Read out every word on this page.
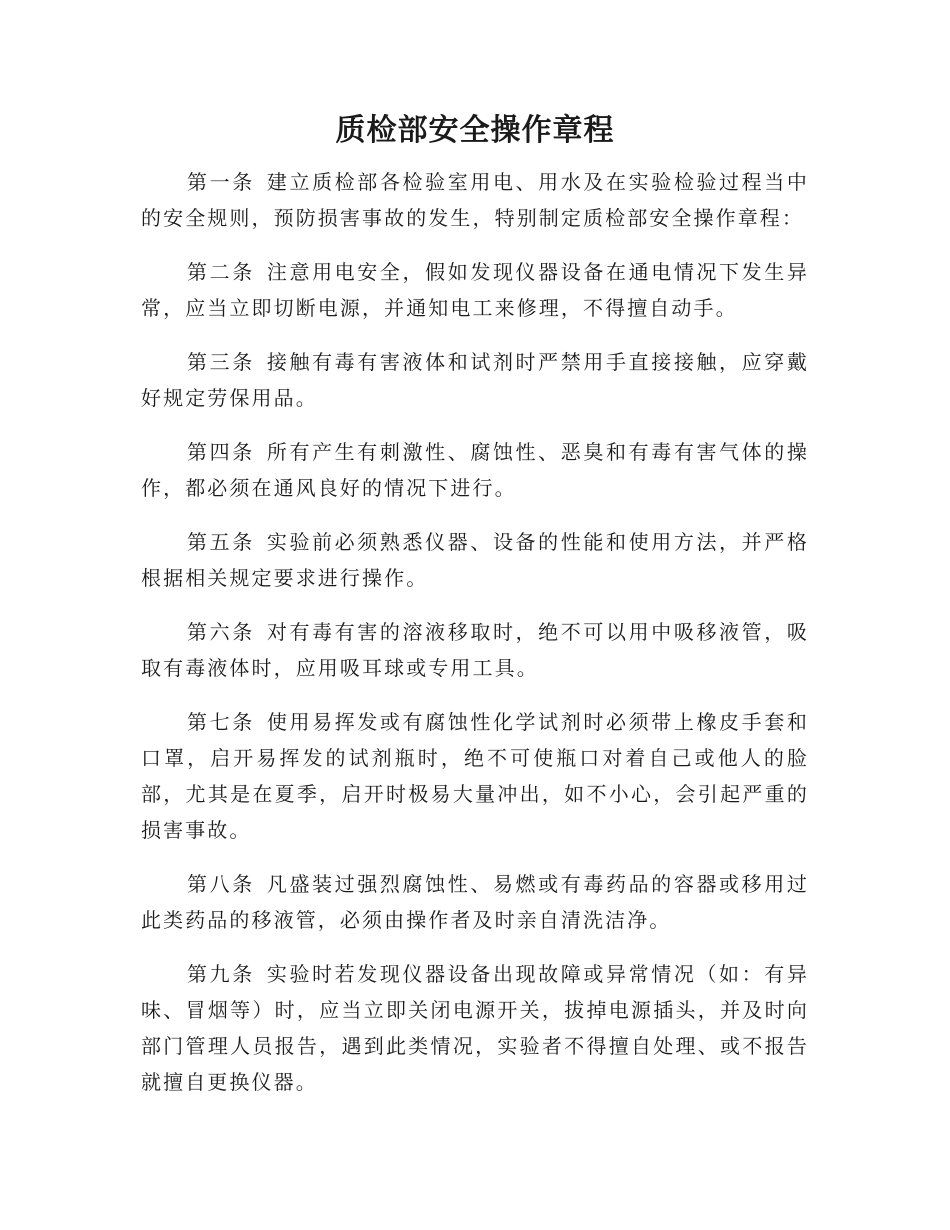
质检部安全操作章程

第一条 建立质检部各检验室用电、用水及在实验检验过程当中的安全规则，预防损害事故的发生，特别制定质检部安全操作章程：

第二条 注意用电安全，假如发现仪器设备在通电情况下发生异常，应当立即切断电源，并通知电工来修理，不得擅自动手。

第三条 接触有毒有害液体和试剂时严禁用手直接接触，应穿戴好规定劳保用品。

第四条 所有产生有刺激性、腐蚀性、恶臭和有毒有害气体的操作，都必须在通风良好的情况下进行。

第五条 实验前必须熟悉仪器、设备的性能和使用方法，并严格根据相关规定要求进行操作。

第六条 对有毒有害的溶液移取时，绝不可以用中吸移液管，吸取有毒液体时，应用吸耳球或专用工具。

第七条 使用易挥发或有腐蚀性化学试剂时必须带上橡皮手套和口罩，启开易挥发的试剂瓶时，绝不可使瓶口对着自己或他人的脸部，尤其是在夏季，启开时极易大量冲出，如不小心，会引起严重的损害事故。

第八条 凡盛装过强烈腐蚀性、易燃或有毒药品的容器或移用过此类药品的移液管，必须由操作者及时亲自清洗洁净。

第九条 实验时若发现仪器设备出现故障或异常情况（如：有异味、冒烟等）时，应当立即关闭电源开关，拔掉电源插头，并及时向部门管理人员报告，遇到此类情况，实验者不得擅自处理、或不报告就擅自更换仪器。
